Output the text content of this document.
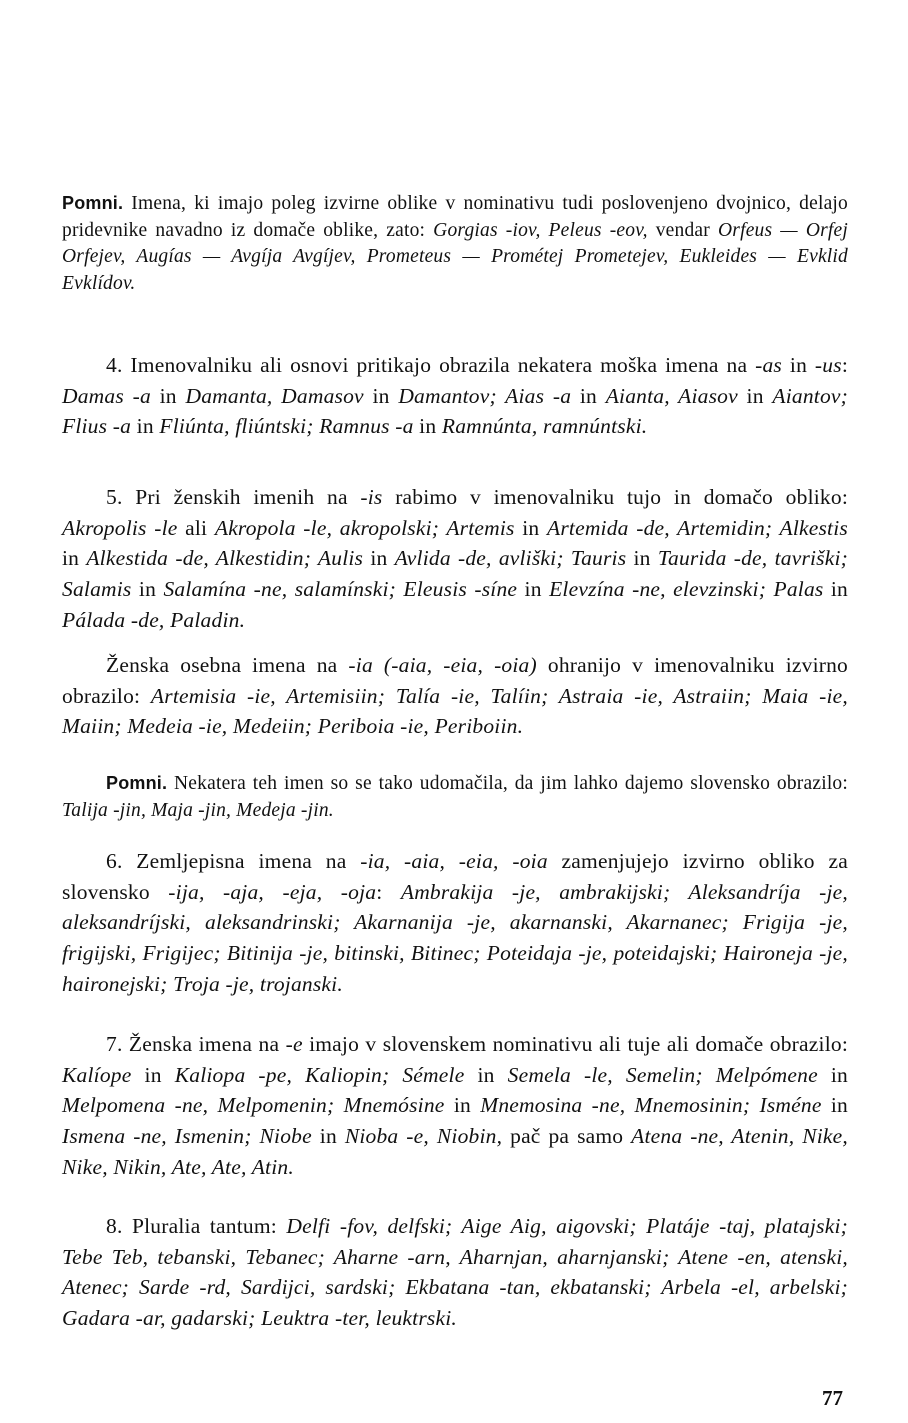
Pomni. Imena, ki imajo poleg izvirne oblike v nominativu tudi poslovenjeno dvojnico, delajo pridevnike navadno iz domače oblike, zato: Gorgias -iov, Peleus -eov, vendar Orfeus — Orfej Orfejev, Augías — Avgíja Avgíjev, Prometeus — Prométej Prometejev, Eukleides — Evklid Evklídov.

4. Imenovalniku ali osnovi pritikajo obrazila nekatera moška imena na -as in -us: Damas -a in Damanta, Damasov in Damantov; Aias -a in Aianta, Aiasov in Aiantov; Flius -a in Fliúnta, fliúntski; Ramnus -a in Ramnúnta, ramnúntski.

5. Pri ženskih imenih na -is rabimo v imenovalniku tujo in domačo obliko: Akropolis -le ali Akropola -le, akropolski; Artemis in Artemida -de, Artemidin; Alkestis in Alkestida -de, Alkestidin; Aulis in Avlida -de, avliški; Tauris in Taurida -de, tavriški; Salamis in Salamína -ne, salamínski; Eleusis -síne in Elevzína -ne, elevzinski; Palas in Pálada -de, Paladin.

Ženska osebna imena na -ia (-aia, -eia, -oia) ohranijo v imenovalniku izvirno obrazilo: Artemisia -ie, Artemisiin; Talía -ie, Talíin; Astraia -ie, Astraiin; Maia -ie, Maiin; Medeia -ie, Medeiin; Periboia -ie, Periboiin.

Pomni. Nekatera teh imen so se tako udomačila, da jim lahko dajemo slovensko obrazilo: Talija -jin, Maja -jin, Medeja -jin.

6. Zemljepisna imena na -ia, -aia, -eia, -oia zamenjujejo izvirno obliko za slovensko -ija, -aja, -eja, -oja: Ambrakija -je, ambrakijski; Aleksandríja -je, aleksandríjski, aleksandrinski; Akarnanija -je, akarnanski, Akarnanec; Frigija -je, frigijski, Frigijec; Bitinija -je, bitinski, Bitinec; Poteidaja -je, poteidajski; Haironeja -je, haironejski; Troja -je, trojanski.

7. Ženska imena na -e imajo v slovenskem nominativu ali tuje ali domače obrazilo: Kalíope in Kaliopa -pe, Kaliopin; Sémele in Semela -le, Semelin; Melpómene in Melpomena -ne, Melpomenin; Mnemósine in Mnemosina -ne, Mnemosinin; Isméne in Ismena -ne, Ismenin; Niobe in Nioba -e, Niobin, pač pa samo Atena -ne, Atenin, Nike, Nike, Nikin, Ate, Ate, Atin.

8. Pluralia tantum: Delfi -fov, delfski; Aige Aig, aigovski; Platáje -taj, platajski; Tebe Teb, tebanski, Tebanec; Aharne -arn, Aharnjan, aharnjanski; Atene -en, atenski, Atenec; Sarde -rd, Sardijci, sardski; Ekbatana -tan, ekbatanski; Arbela -el, arbelski; Gadara -ar, gadarski; Leuktra -ter, leuktrski.

77
